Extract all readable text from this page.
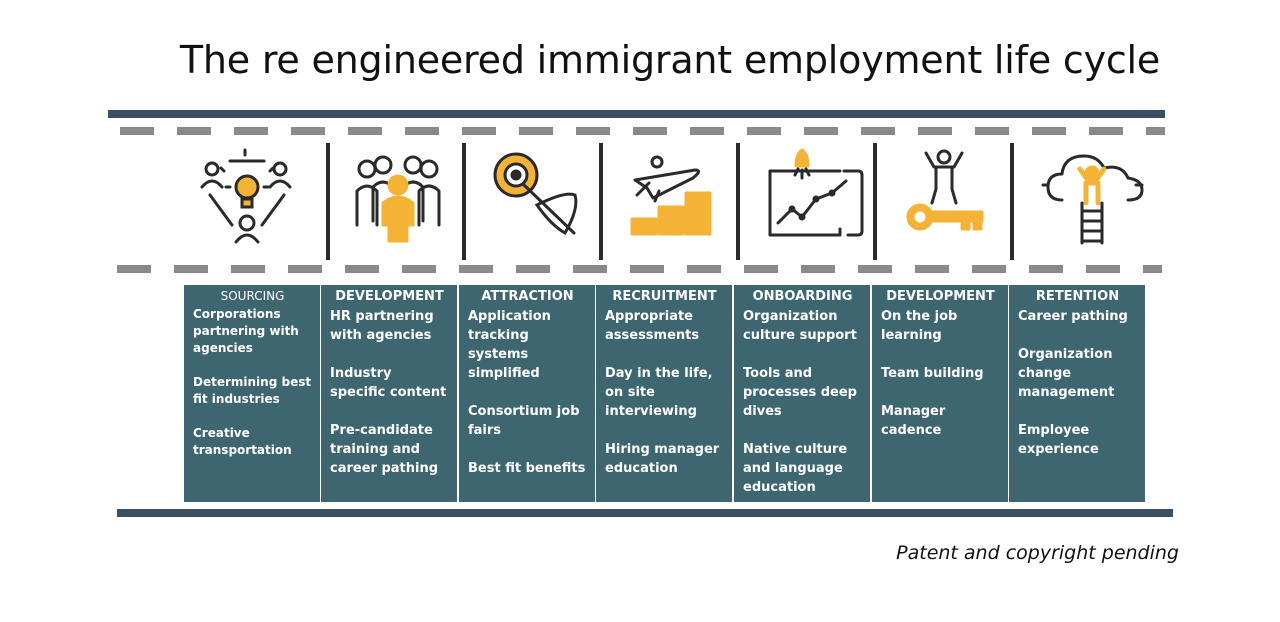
The re engineered immigrant employment life cycle
SOURCING
Corporations partnering with agencies
Determining best fit industries
Creative transportation
DEVELOPMENT
HR partnering with agencies
Industry specific content
Pre-candidate training and career pathing
ATTRACTION
Application tracking systems simplified
Consortium job fairs
Best fit benefits
RECRUITMENT
Appropriate assessments
Day in the life, on site interviewing
Hiring manager education
ONBOARDING
Organization culture support
Tools and processes deep dives
Native culture and language education
DEVELOPMENT
On the job learning
Team building
Manager cadence
RETENTION
Career pathing
Organization change management
Employee experience
Patent and copyright pending
